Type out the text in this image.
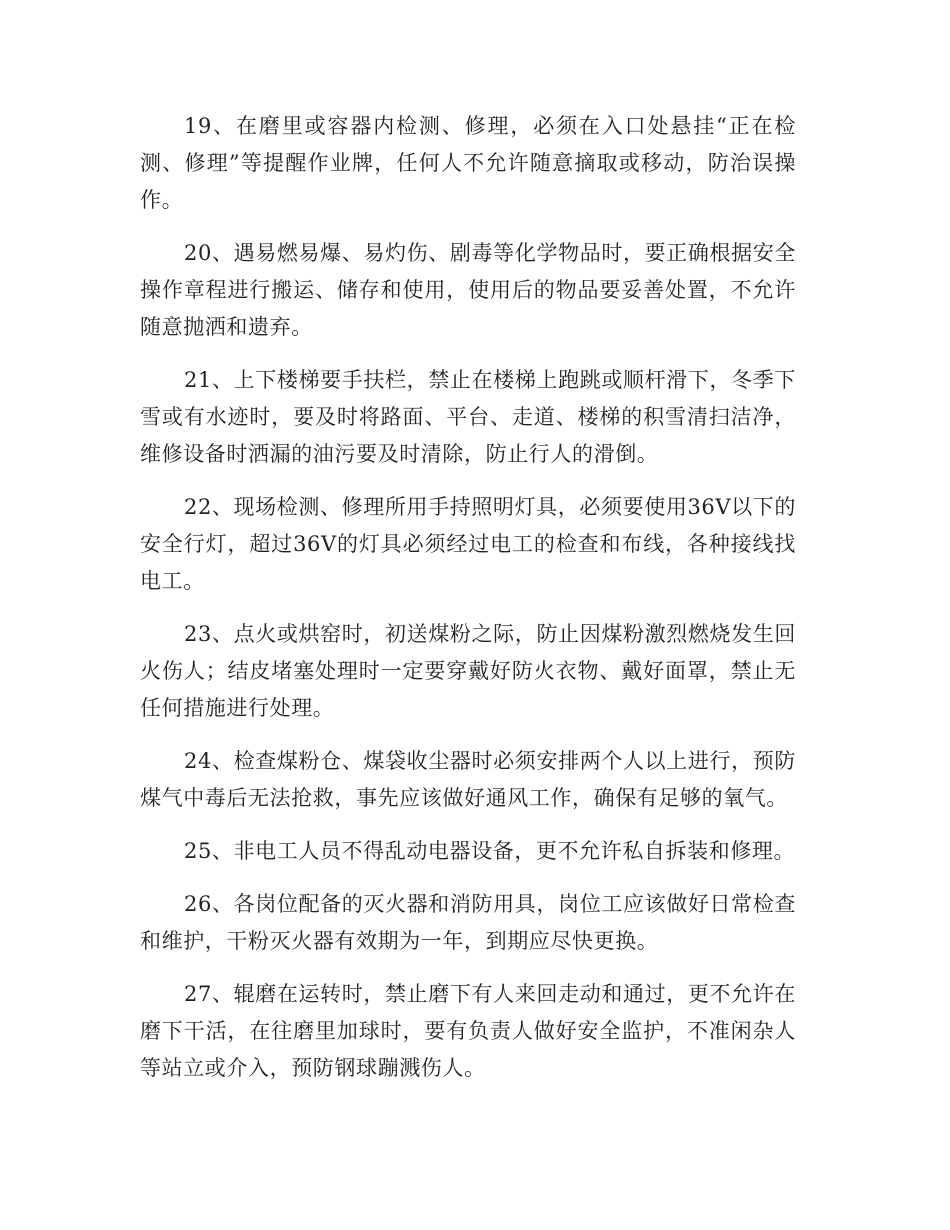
19、在磨里或容器内检测、修理，必须在入口处悬挂“正在检测、修理”等提醒作业牌，任何人不允许随意摘取或移动，防治误操作。

20、遇易燃易爆、易灼伤、剧毒等化学物品时，要正确根据安全操作章程进行搬运、储存和使用，使用后的物品要妥善处置，不允许随意抛洒和遗弃。

21、上下楼梯要手扶栏，禁止在楼梯上跑跳或顺杆滑下，冬季下雪或有水迹时，要及时将路面、平台、走道、楼梯的积雪清扫洁净，维修设备时洒漏的油污要及时清除，防止行人的滑倒。

22、现场检测、修理所用手持照明灯具，必须要使用36V以下的安全行灯，超过36V的灯具必须经过电工的检查和布线，各种接线找电工。

23、点火或烘窑时，初送煤粉之际，防止因煤粉激烈燃烧发生回火伤人；结皮堵塞处理时一定要穿戴好防火衣物、戴好面罩，禁止无任何措施进行处理。

24、检查煤粉仓、煤袋收尘器时必须安排两个人以上进行，预防煤气中毒后无法抢救，事先应该做好通风工作，确保有足够的氧气。

25、非电工人员不得乱动电器设备，更不允许私自拆装和修理。

26、各岗位配备的灭火器和消防用具，岗位工应该做好日常检查和维护，干粉灭火器有效期为一年，到期应尽快更换。

27、辊磨在运转时，禁止磨下有人来回走动和通过，更不允许在磨下干活，在往磨里加球时，要有负责人做好安全监护，不准闲杂人等站立或介入，预防钢球蹦溅伤人。
